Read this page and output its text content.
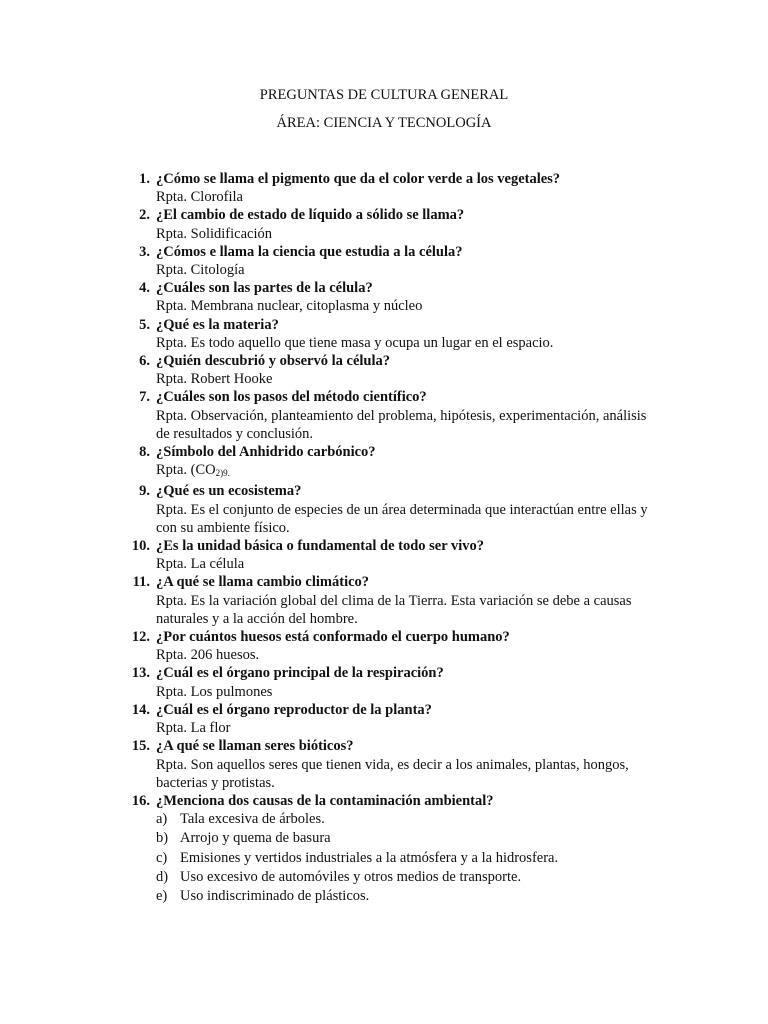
PREGUNTAS DE CULTURA GENERAL
ÁREA: CIENCIA Y TECNOLOGÍA
1. ¿Cómo se llama el pigmento que da el color verde a los vegetales?
Rpta. Clorofila
2. ¿El cambio de estado de líquido a sólido se llama?
Rpta. Solidificación
3. ¿Cómos e llama la ciencia que estudia a la célula?
Rpta. Citología
4. ¿Cuáles son las partes de la célula?
Rpta. Membrana nuclear, citoplasma y núcleo
5. ¿Qué es la materia?
Rpta. Es todo aquello que tiene masa y ocupa un lugar en el espacio.
6. ¿Quién descubrió y observó la célula?
Rpta. Robert Hooke
7. ¿Cuáles son los pasos del método científico?
Rpta. Observación, planteamiento del problema, hipótesis, experimentación, análisis de resultados y conclusión.
8. ¿Símbolo del Anhidrido carbónico?
Rpta. ($CO_{2)9.}$
9. ¿Qué es un ecosistema?
Rpta. Es el conjunto de especies de un área determinada que interactúan entre ellas y con su ambiente físico.
10. ¿Es la unidad básica o fundamental de todo ser vivo?
Rpta. La célula
11. ¿A qué se llama cambio climático?
Rpta. Es la variación global del clima de la Tierra. Esta variación se debe a causas naturales y a la acción del hombre.
12. ¿Por cuántos huesos está conformado el cuerpo humano?
Rpta. 206 huesos.
13. ¿Cuál es el órgano principal de la respiración?
Rpta. Los pulmones
14. ¿Cuál es el órgano reproductor de la planta?
Rpta. La flor
15. ¿A qué se llaman seres bióticos?
Rpta. Son aquellos seres que tienen vida, es decir a los animales, plantas, hongos, bacterias y protistas.
16. ¿Menciona dos causas de la contaminación ambiental?
a) Tala excesiva de árboles.
b) Arrojo y quema de basura
c) Emisiones y vertidos industriales a la atmósfera y a la hidrosfera.
d) Uso excesivo de automóviles y otros medios de transporte.
e) Uso indiscriminado de plásticos.
